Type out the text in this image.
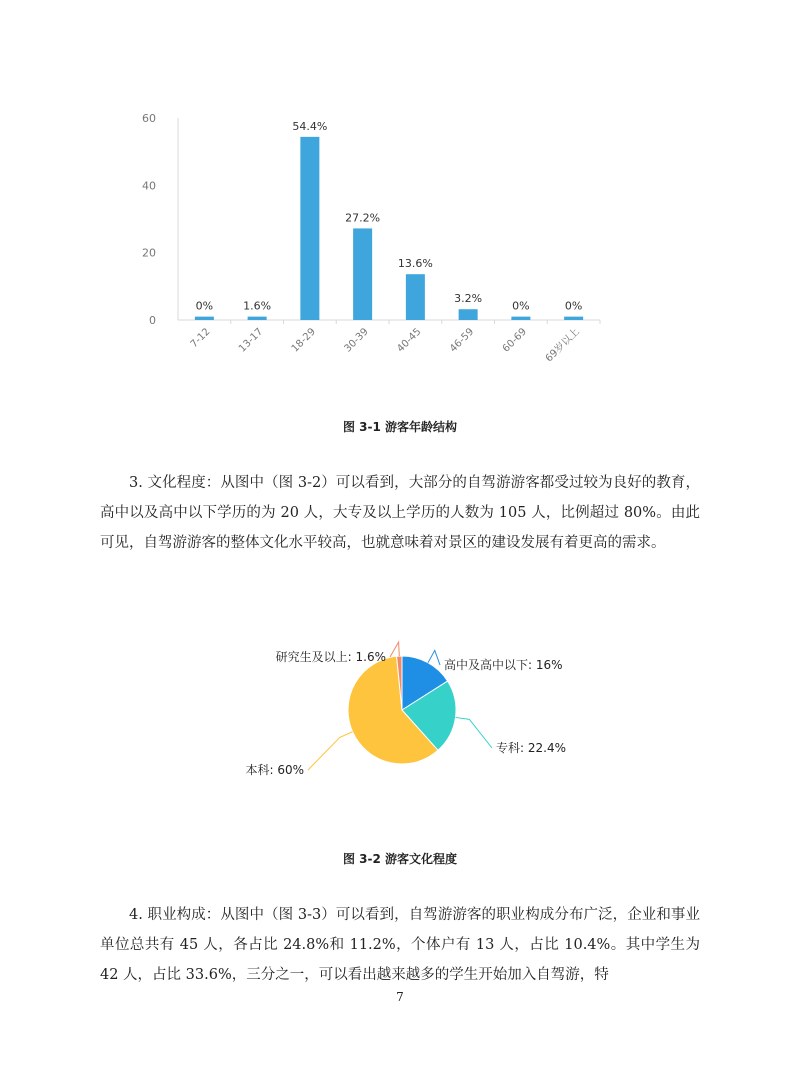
0
20
40
60
0%
7-12
1.6%
13-17
54.4%
18-29
27.2%
30-39
13.6%
40-45
3.2%
46-59
0%
60-69
0%
69岁以上
图 3-1 游客年龄结构

3. 文化程度：从图中（图 3-2）可以看到，大部分的自驾游游客都受过较为良好的教育，高中以及高中以下学历的为 20 人，大专及以上学历的人数为 105 人，比例超过 80%。由此可见，自驾游游客的整体文化水平较高，也就意味着对景区的建设发展有着更高的需求。

高中及高中以下: 16%
专科: 22.4%
本科: 60%
研究生及以上: 1.6%
图 3-2 游客文化程度

4. 职业构成：从图中（图 3-3）可以看到，自驾游游客的职业构成分布广泛，企业和事业单位总共有 45 人，各占比 24.8%和 11.2%，个体户有 13 人，占比 10.4%。其中学生为 42 人，占比 33.6%，三分之一，可以看出越来越多的学生开始加入自驾游，特

7
